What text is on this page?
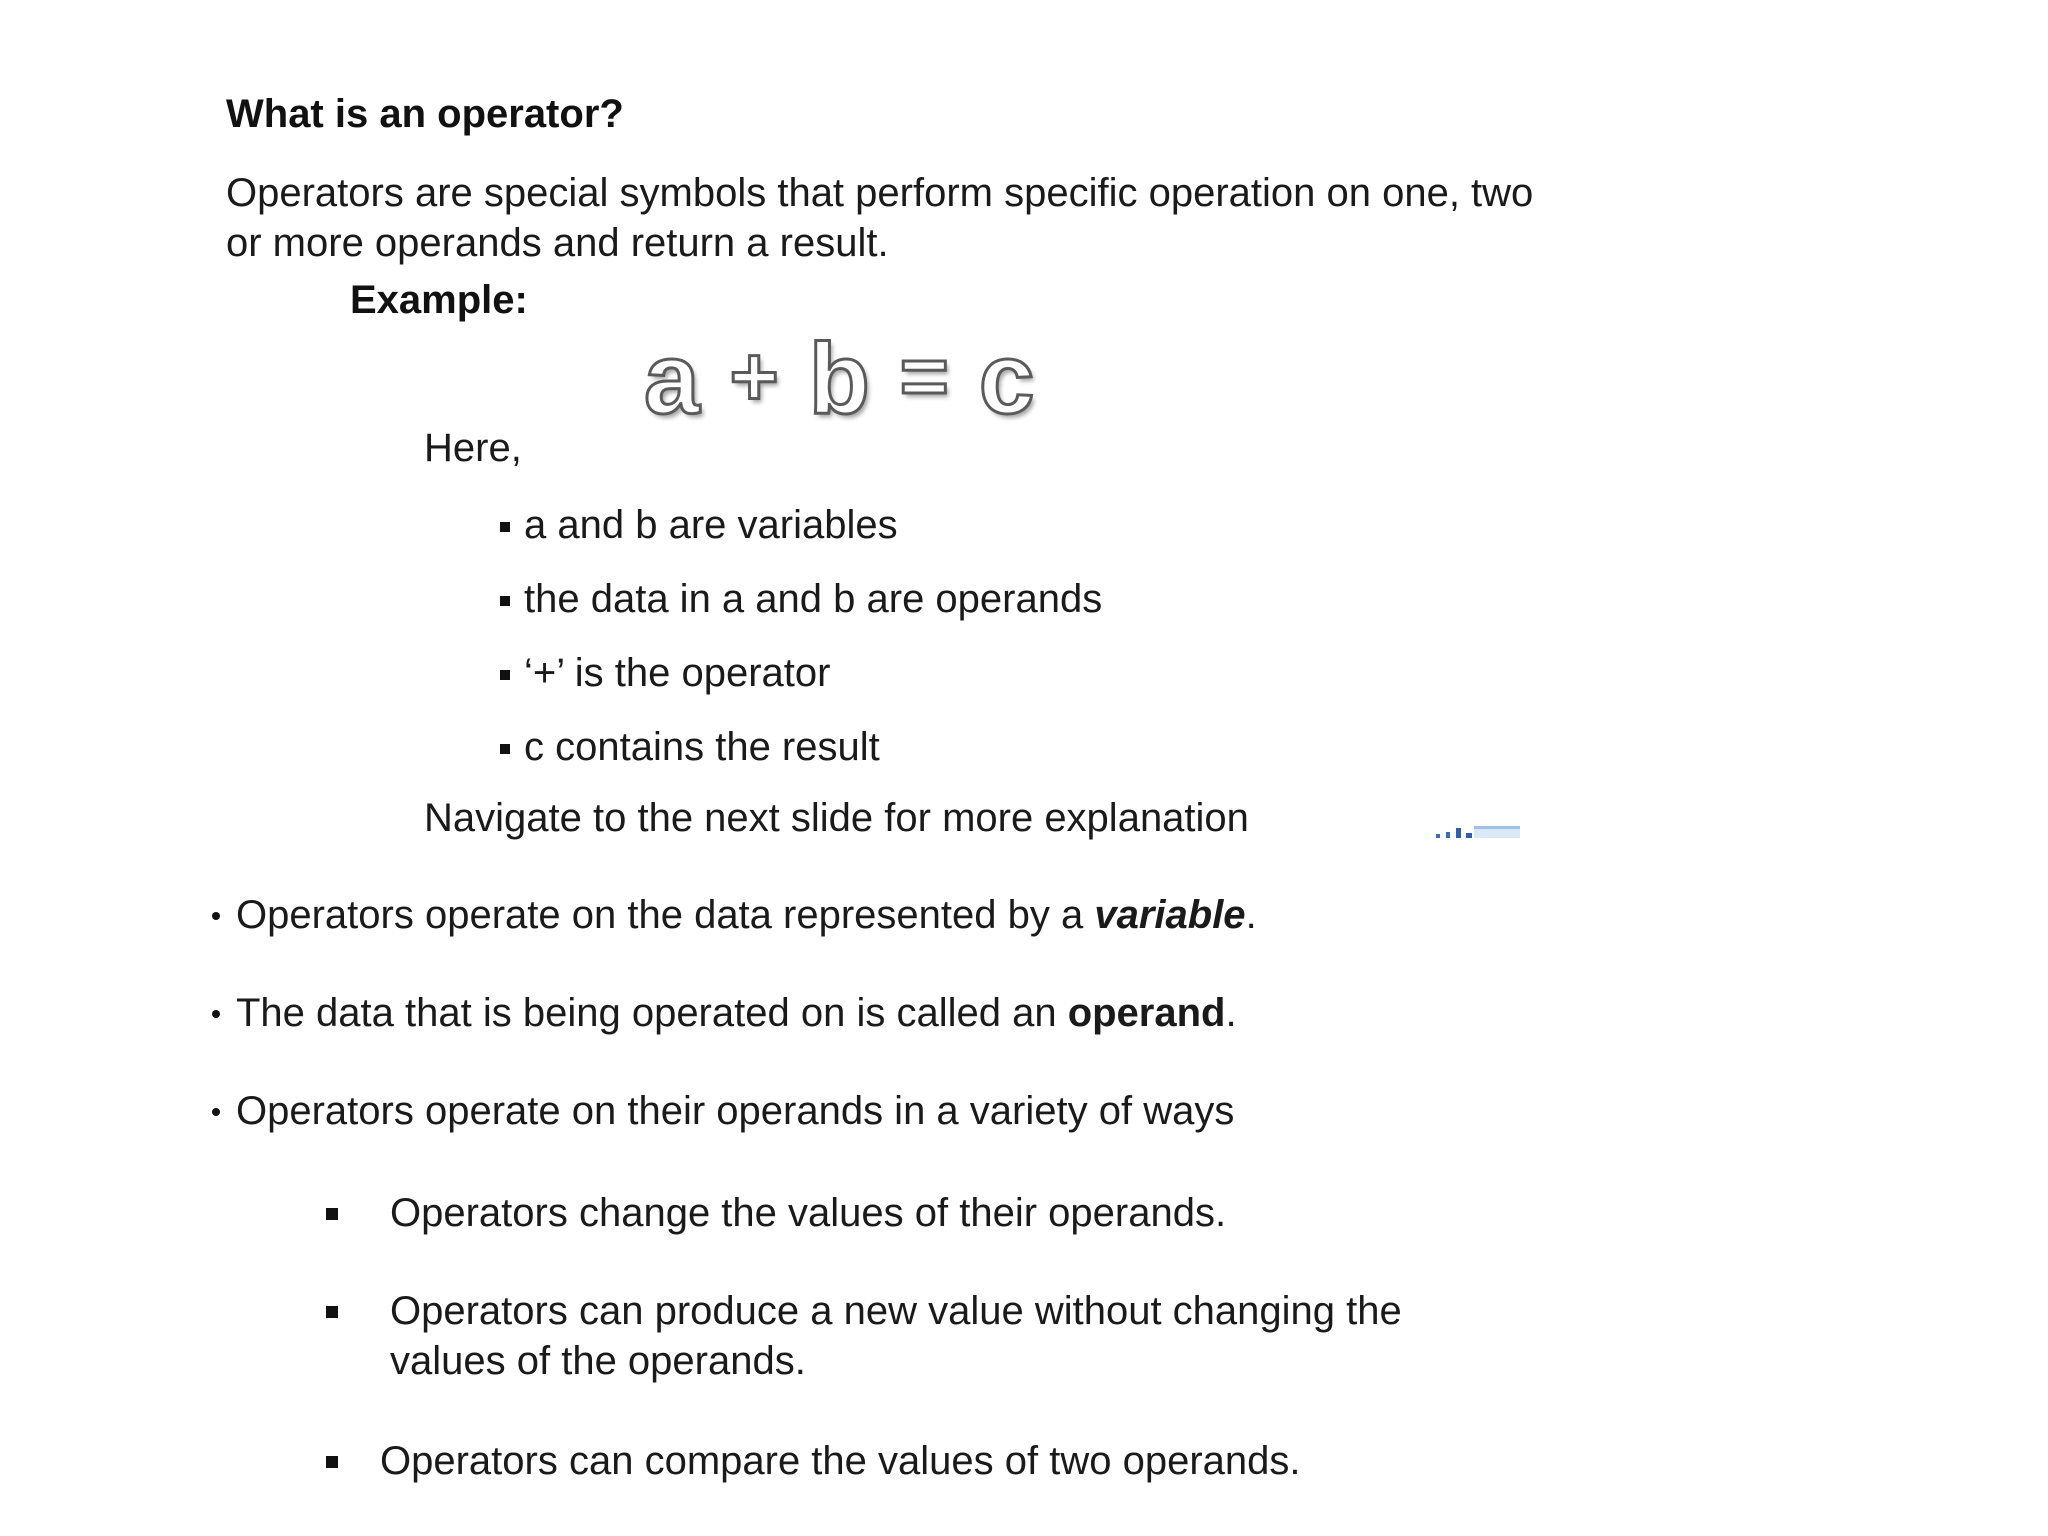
What is an operator?
Operators are special symbols that perform specific operation on one, two or more operands and return a result.
Example:
a + b = c
Here,
a and b are variables
the data in a and b are operands
‘+’ is the operator
c contains the result
Navigate to the next slide for more explanation
Operators operate on the data represented by a variable.
The data that is being operated on is called an operand.
Operators operate on their operands in a variety of ways
Operators change the values of their operands.
Operators can produce a new value without changing the values of the operands.
Operators can compare the values of two operands.
